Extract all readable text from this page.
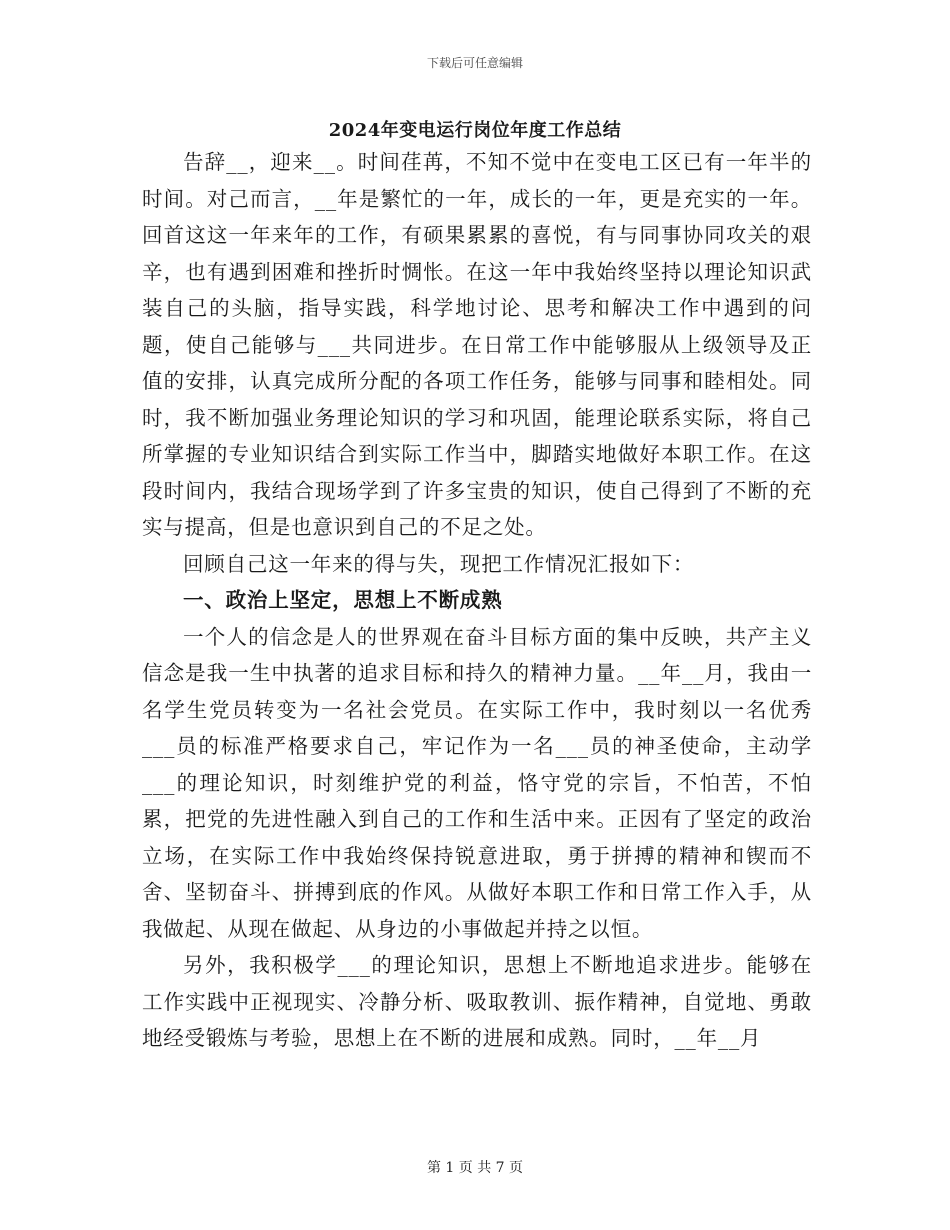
下载后可任意编辑
2024年变电运行岗位年度工作总结

告辞__，迎来__。时间荏苒，不知不觉中在变电工区已有一年半的时间。对己而言，__年是繁忙的一年，成长的一年，更是充实的一年。回首这这一年来年的工作，有硕果累累的喜悦，有与同事协同攻关的艰辛，也有遇到困难和挫折时惆怅。在这一年中我始终坚持以理论知识武装自己的头脑，指导实践，科学地讨论、思考和解决工作中遇到的问题，使自己能够与___共同进步。在日常工作中能够服从上级领导及正值的安排，认真完成所分配的各项工作任务，能够与同事和睦相处。同时，我不断加强业务理论知识的学习和巩固，能理论联系实际，将自己所掌握的专业知识结合到实际工作当中，脚踏实地做好本职工作。在这段时间内，我结合现场学到了许多宝贵的知识，使自己得到了不断的充实与提高，但是也意识到自己的不足之处。

回顾自己这一年来的得与失，现把工作情况汇报如下：

一、政治上坚定，思想上不断成熟

一个人的信念是人的世界观在奋斗目标方面的集中反映，共产主义信念是我一生中执著的追求目标和持久的精神力量。__年__月，我由一名学生党员转变为一名社会党员。在实际工作中，我时刻以一名优秀___员的标准严格要求自己，牢记作为一名___员的神圣使命，主动学___的理论知识，时刻维护党的利益，恪守党的宗旨，不怕苦，不怕累，把党的先进性融入到自己的工作和生活中来。正因有了坚定的政治立场，在实际工作中我始终保持锐意进取，勇于拼搏的精神和锲而不舍、坚韧奋斗、拼搏到底的作风。从做好本职工作和日常工作入手，从我做起、从现在做起、从身边的小事做起并持之以恒。

另外，我积极学___的理论知识，思想上不断地追求进步。能够在工作实践中正视现实、冷静分析、吸取教训、振作精神，自觉地、勇敢地经受锻炼与考验，思想上在不断的进展和成熟。同时，__年__月

第 1 页 共 7 页
